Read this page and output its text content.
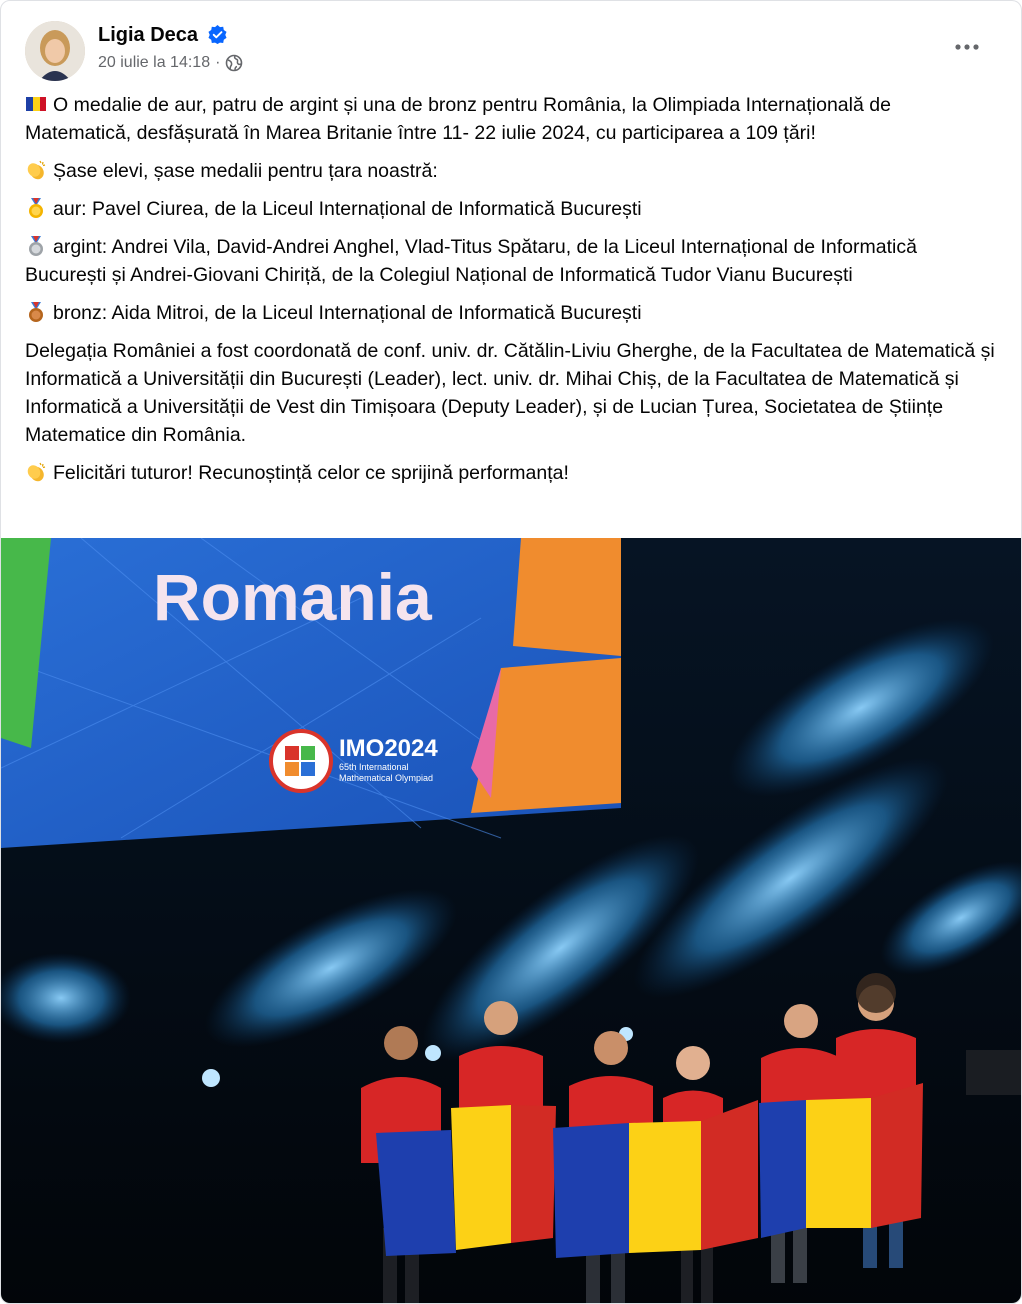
Ligia Deca
20 iulie la 14:18 ·

O medalie de aur, patru de argint și una de bronz pentru România, la Olimpiada Internațională de Matematică, desfășurată în Marea Britanie între 11- 22 iulie 2024, cu participarea a 109 țări!

Șase elevi, șase medalii pentru țara noastră:

aur: Pavel Ciurea, de la Liceul Internațional de Informatică București

argint: Andrei Vila, David-Andrei Anghel, Vlad-Titus Spătaru, de la Liceul Internațional de Informatică București și Andrei-Giovani Chiriță, de la Colegiul Național de Informatică Tudor Vianu București

bronz: Aida Mitroi, de la Liceul Internațional de Informatică București

Delegația României a fost coordonată de conf. univ. dr. Cătălin-Liviu Gherghe, de la Facultatea de Matematică și Informatică a Universității din București (Leader), lect. univ. dr. Mihai Chiș, de la Facultatea de Matematică și Informatică a Universității de Vest din Timișoara (Deputy Leader), și de Lucian Țurea, Societatea de Științe Matematice din România.

Felicitări tuturor! Recunoștință celor ce sprijină performanța!

Romania
IMO2024
65th International
Mathematical Olympiad
